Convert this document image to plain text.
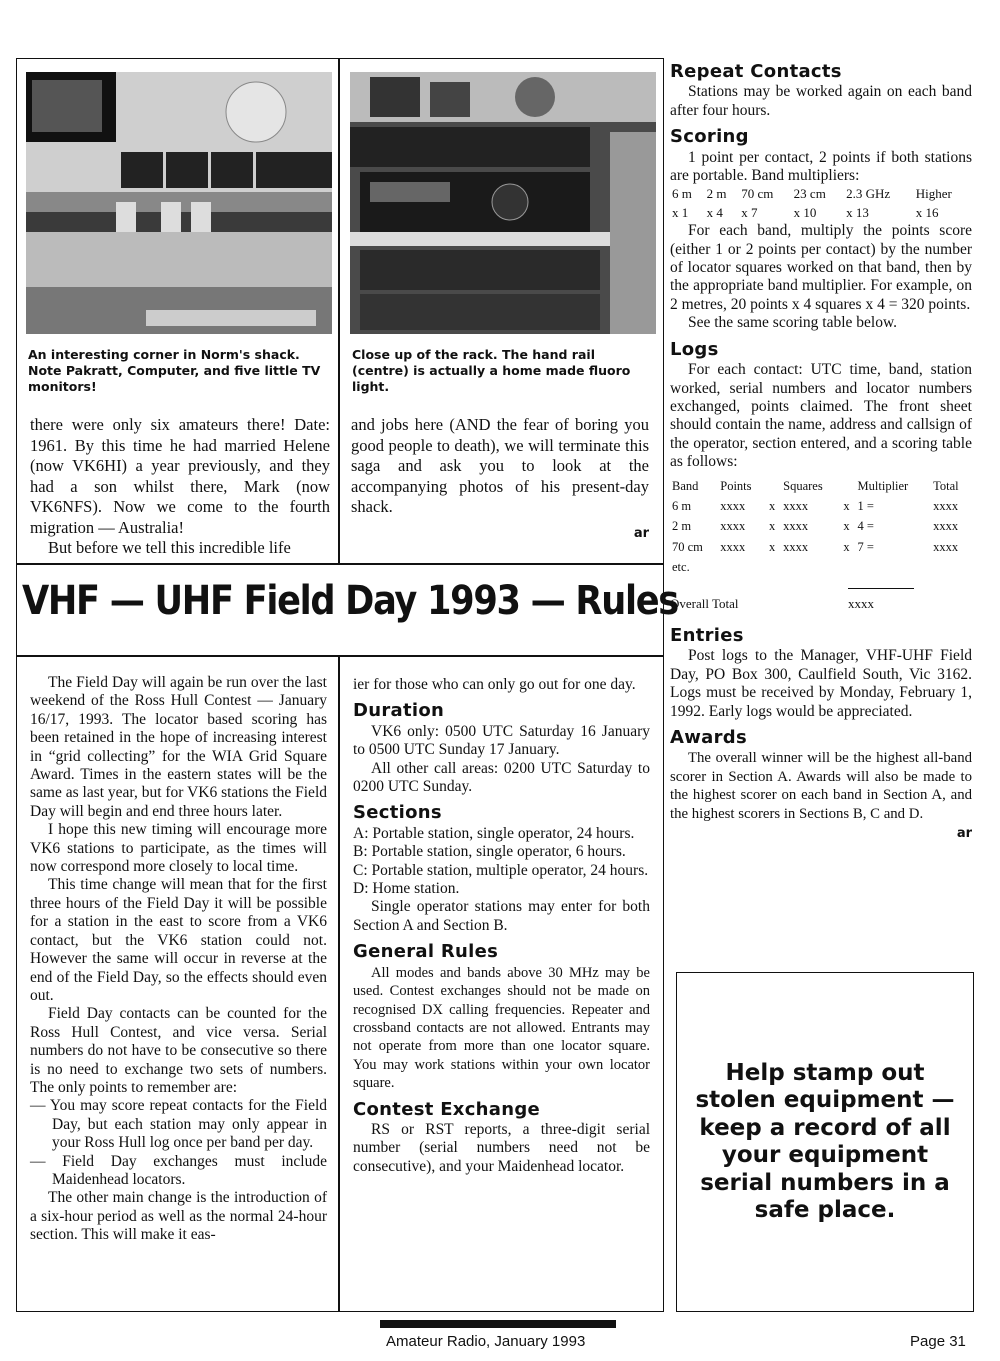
An interesting corner in Norm's shack. Note Pakratt, Computer, and five little TV monitors!
Close up of the rack. The hand rail (centre) is actually a home made fluoro light.

there were only six amateurs there! Date: 1961. By this time he had married Helene (now VK6HI) a year previously, and they had a son whilst there, Mark (now VK6NFS). Now we come to the fourth migration — Australia!

But before we tell this incredible life

and jobs here (AND the fear of boring you good people to death), we will terminate this saga and ask you to look at the accompanying photos of his present-day shack.

ar
VHF — UHF Field Day 1993 — Rules

The Field Day will again be run over the last weekend of the Ross Hull Contest — January 16/17, 1993. The locator based scoring has been retained in the hope of increasing interest in “grid collecting” for the WIA Grid Square Award. Times in the eastern states will be the same as last year, but for VK6 stations the Field Day will begin and end three hours later.

I hope this new timing will encourage more VK6 stations to participate, as the times will now correspond more closely to local time.

This time change will mean that for the first three hours of the Field Day it will be possible for a station in the east to score from a VK6 contact, but the VK6 station could not. However the same will occur in reverse at the end of the Field Day, so the effects should even out.

Field Day contacts can be counted for the Ross Hull Contest, and vice versa. Serial numbers do not have to be consecutive so there is no need to exchange two sets of numbers. The only points to remember are:

— You may score repeat contacts for the Field Day, but each station may only appear in your Ross Hull log once per band per day.

— Field Day exchanges must include Maidenhead locators.

The other main change is the introduction of a six-hour period as well as the normal 24-hour section. This will make it eas-

ier for those who can only go out for one day.

Duration

VK6 only: 0500 UTC Saturday 16 January to 0500 UTC Sunday 17 January.

All other call areas: 0200 UTC Saturday to 0200 UTC Sunday.

Sections

A: Portable station, single operator, 24 hours.

B: Portable station, single operator, 6 hours.

C: Portable station, multiple operator, 24 hours.

D: Home station.

Single operator stations may enter for both Section A and Section B.

General Rules

All modes and bands above 30 MHz may be used. Contest exchanges should not be made on recognised DX calling frequencies. Repeater and crossband contacts are not allowed. Entrants may not operate from more than one locator square. You may work stations within your own locator square.

Contest Exchange

RS or RST reports, a three-digit serial number (serial numbers need not be consecutive), and your Maidenhead locator.

Repeat Contacts

Stations may be worked again on each band after four hours.

Scoring

1 point per contact, 2 points if both stations are portable. Band multipliers:

6 m	2 m	70 cm	23 cm	2.3 GHz	Higher
x 1	x 4	x 7	x 10	x 13	x 16

For each band, multiply the points score (either 1 or 2 points per contact) by the number of locator squares worked on that band, then by the appropriate band multiplier. For example, on 2 metres, 20 points x 4 squares x 4 = 320 points.

See the same scoring table below.

Logs

For each contact: UTC time, band, station worked, serial numbers and locator numbers exchanged, points claimed. The front sheet should contain the name, address and callsign of the operator, section entered, and a scoring table as follows:

Band	Points		Squares		Multiplier	Total
6 m	xxxx	x	xxxx	x	1 =	xxxx
2 m	xxxx	x	xxxx	x	4 =	xxxx
70 cm	xxxx	x	xxxx	x	7 =	xxxx
etc.						
Overall Total	xxxx
Entries

Post logs to the Manager, VHF-UHF Field Day, PO Box 300, Caulfield South, Vic 3162. Logs must be received by Monday, February 1, 1992. Early logs would be appreciated.

Awards

The overall winner will be the highest all-band scorer in Section A. Awards will also be made to the highest scorer on each band in Section A, and the highest scorers in Sections B, C and D.

ar
Help stamp out stolen equipment — keep a record of all your equipment serial numbers in a safe place.
Amateur Radio, January 1993	Page 31
